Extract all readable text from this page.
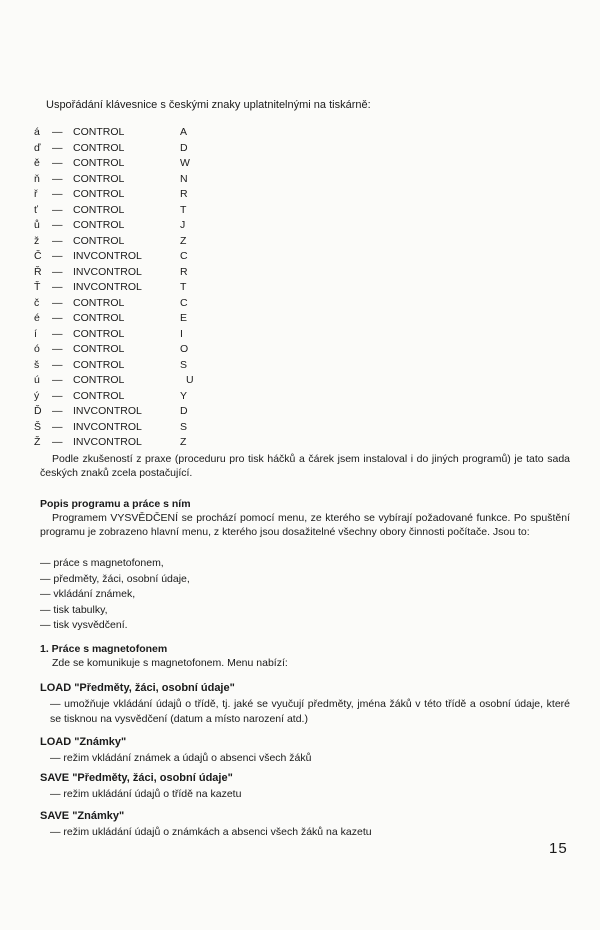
Uspořádání klávesnice s českými znaky uplatnitelnými na tiskárně:
á	— CONTROL	A
ď	— CONTROL	D
ě	— CONTROL	W
ň	— CONTROL	N
ř	— CONTROL	R
ť	— CONTROL	T
ů	— CONTROL	J
ž	— CONTROL	Z
Č — INVCONTROL	C
Ř — INVCONTROL	R
Ť	— INVCONTROL	T
č	— CONTROL	C
é	— CONTROL	E
í	— CONTROL	I
ó	— CONTROL	O
š	— CONTROL	S
ú	— CONTROL	U
ý	— CONTROL	Y
Ď — INVCONTROL	D
Š	— INVCONTROL	S
Ž	— INVCONTROL	Z
Podle zkušeností z praxe (proceduru pro tisk háčků a čárek jsem instaloval i do jiných programů) je tato sada českých znaků zcela postačující.
Popis programu a práce s ním
Programem VYSVĚDČENÍ se prochází pomocí menu, ze kterého se vybírají požadované funkce. Po spuštění programu je zobrazeno hlavní menu, z kterého jsou dosažitelné všechny obory činnosti počítače. Jsou to:
— práce s magnetofonem,
— předměty, žáci, osobní údaje,
— vkládání známek,
— tisk tabulky,
— tisk vysvědčení.
1. Práce s magnetofonem
Zde se komunikuje s magnetofonem. Menu nabízí:
LOAD "Předměty, žáci, osobní údaje"
— umožňuje vkládání údajů o třídě, tj. jaké se vyučují předměty, jména žáků v této třídě a osobní údaje, které se tisknou na vysvědčení (datum a místo narození atd.)
LOAD "Známky"
— režim vkládání známek a údajů o absenci všech žáků
SAVE "Předměty, žáci, osobní údaje"
— režim ukládání údajů o třídě na kazetu
SAVE "Známky"
— režim ukládání údajů o známkách a absenci všech žáků na kazetu
15
